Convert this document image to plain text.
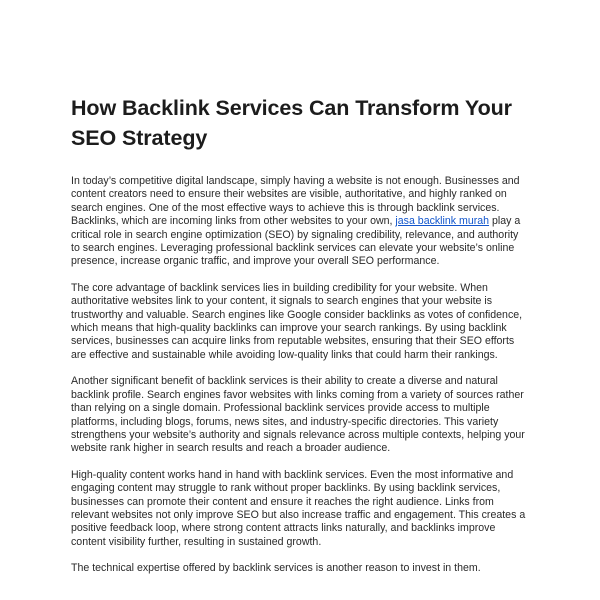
How Backlink Services Can Transform Your SEO Strategy

In today’s competitive digital landscape, simply having a website is not enough. Businesses and content creators need to ensure their websites are visible, authoritative, and highly ranked on search engines. One of the most effective ways to achieve this is through backlink services. Backlinks, which are incoming links from other websites to your own, jasa backlink murah play a critical role in search engine optimization (SEO) by signaling credibility, relevance, and authority to search engines. Leveraging professional backlink services can elevate your website’s online presence, increase organic traffic, and improve your overall SEO performance.

The core advantage of backlink services lies in building credibility for your website. When authoritative websites link to your content, it signals to search engines that your website is trustworthy and valuable. Search engines like Google consider backlinks as votes of confidence, which means that high-quality backlinks can improve your search rankings. By using backlink services, businesses can acquire links from reputable websites, ensuring that their SEO efforts are effective and sustainable while avoiding low-quality links that could harm their rankings.

Another significant benefit of backlink services is their ability to create a diverse and natural backlink profile. Search engines favor websites with links coming from a variety of sources rather than relying on a single domain. Professional backlink services provide access to multiple platforms, including blogs, forums, news sites, and industry-specific directories. This variety strengthens your website’s authority and signals relevance across multiple contexts, helping your website rank higher in search results and reach a broader audience.

High-quality content works hand in hand with backlink services. Even the most informative and engaging content may struggle to rank without proper backlinks. By using backlink services, businesses can promote their content and ensure it reaches the right audience. Links from relevant websites not only improve SEO but also increase traffic and engagement. This creates a positive feedback loop, where strong content attracts links naturally, and backlinks improve content visibility further, resulting in sustained growth.

The technical expertise offered by backlink services is another reason to invest in them.
